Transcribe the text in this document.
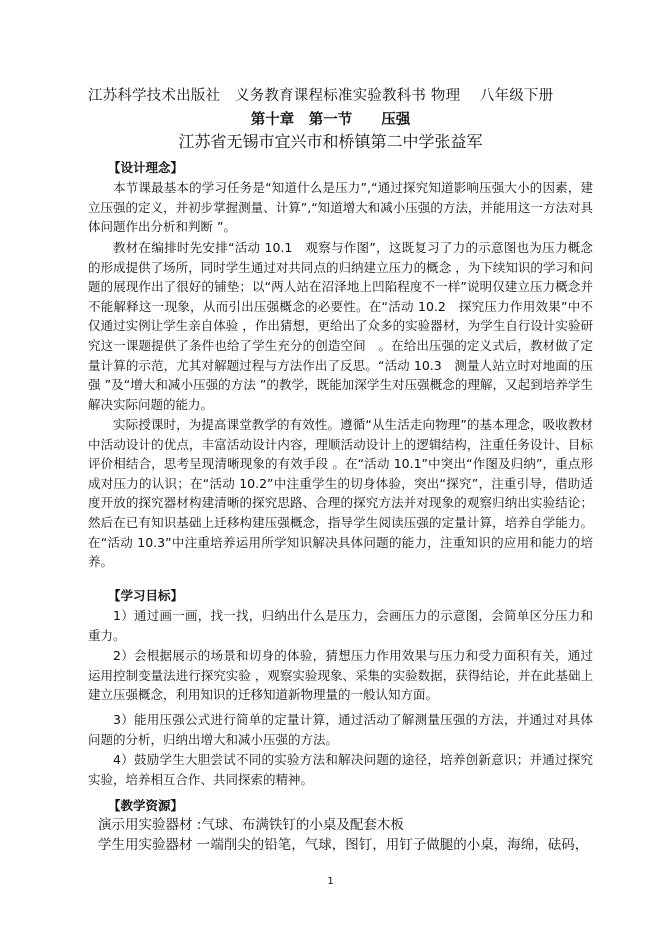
江苏科学技术出版社　义务教育课程标准实验教科书 物理　 八年级下册
第十章　第一节　　压强
江苏省无锡市宜兴市和桥镇第二中学张益军
【设计理念】

本节课最基本的学习任务是“知道什么是压力”,“通过探究知道影响压强大小的因素，建立压强的定义，并初步掌握测量、计算”,“知道增大和减小压强的方法，并能用这一方法对具体问题作出分析和判断 ”。

教材在编排时先安排“活动 10.1　观察与作图”，这既复习了力的示意图也为压力概念的形成提供了场所，同时学生通过对共同点的归纳建立压力的概念 ，为下续知识的学习和问题的展现作出了很好的铺垫；以“两人站在沼泽地上凹陷程度不一样”说明仅建立压力概念并不能解释这一现象，从而引出压强概念的必要性。在“活动 10.2　探究压力作用效果”中不仅通过实例让学生亲自体验 ，作出猜想，更给出了众多的实验器材，为学生自行设计实验研究这一课题提供了条件也给了学生充分的创造空间　。在给出压强的定义式后，教材做了定量计算的示范，尤其对解题过程与方法作出了反思。“活动 10.3　测量人站立时对地面的压强 ”及“增大和减小压强的方法 ”的教学，既能加深学生对压强概念的理解，又起到培养学生解决实际问题的能力。

实际授课时，为提高课堂教学的有效性。遵循“从生活走向物理”的基本理念，吸收教材中活动设计的优点，丰富活动设计内容，理顺活动设计上的逻辑结构，注重任务设计、目标评价相结合，思考呈现清晰现象的有效手段 。在“活动 10.1”中突出“作图及归纳”，重点形成对压力的认识；在“活动 10.2”中注重学生的切身体验，突出“探究”，注重引导，借助适度开放的探究器材构建清晰的探究思路、合理的探究方法并对现象的观察归纳出实验结论；然后在已有知识基础上迁移构建压强概念，指导学生阅读压强的定量计算，培养自学能力。在“活动 10.3”中注重培养运用所学知识解决具体问题的能力，注重知识的应用和能力的培养。

【学习目标】

1）通过画一画，找一找，归纳出什么是压力，会画压力的示意图，会简单区分压力和重力。

2）会根据展示的场景和切身的体验，猜想压力作用效果与压力和受力面积有关，通过运用控制变量法进行探究实验 ，观察实验现象、采集的实验数据，获得结论，并在此基础上建立压强概念，利用知识的迁移知道新物理量的一般认知方面。

3）能用压强公式进行简单的定量计算，通过活动了解测量压强的方法，并通过对具体问题的分析，归纳出增大和减小压强的方法。

4）鼓励学生大胆尝试不同的实验方法和解决问题的途径，培养创新意识；并通过探究实验，培养相互合作、共同探索的精神。

【教学资源】
演示用实验器材 :气球、布满铁钉的小桌及配套木板
学生用实验器材 一端削尖的铅笔，气球，图钉，用钉子做腿的小桌，海绵，砝码，
1
